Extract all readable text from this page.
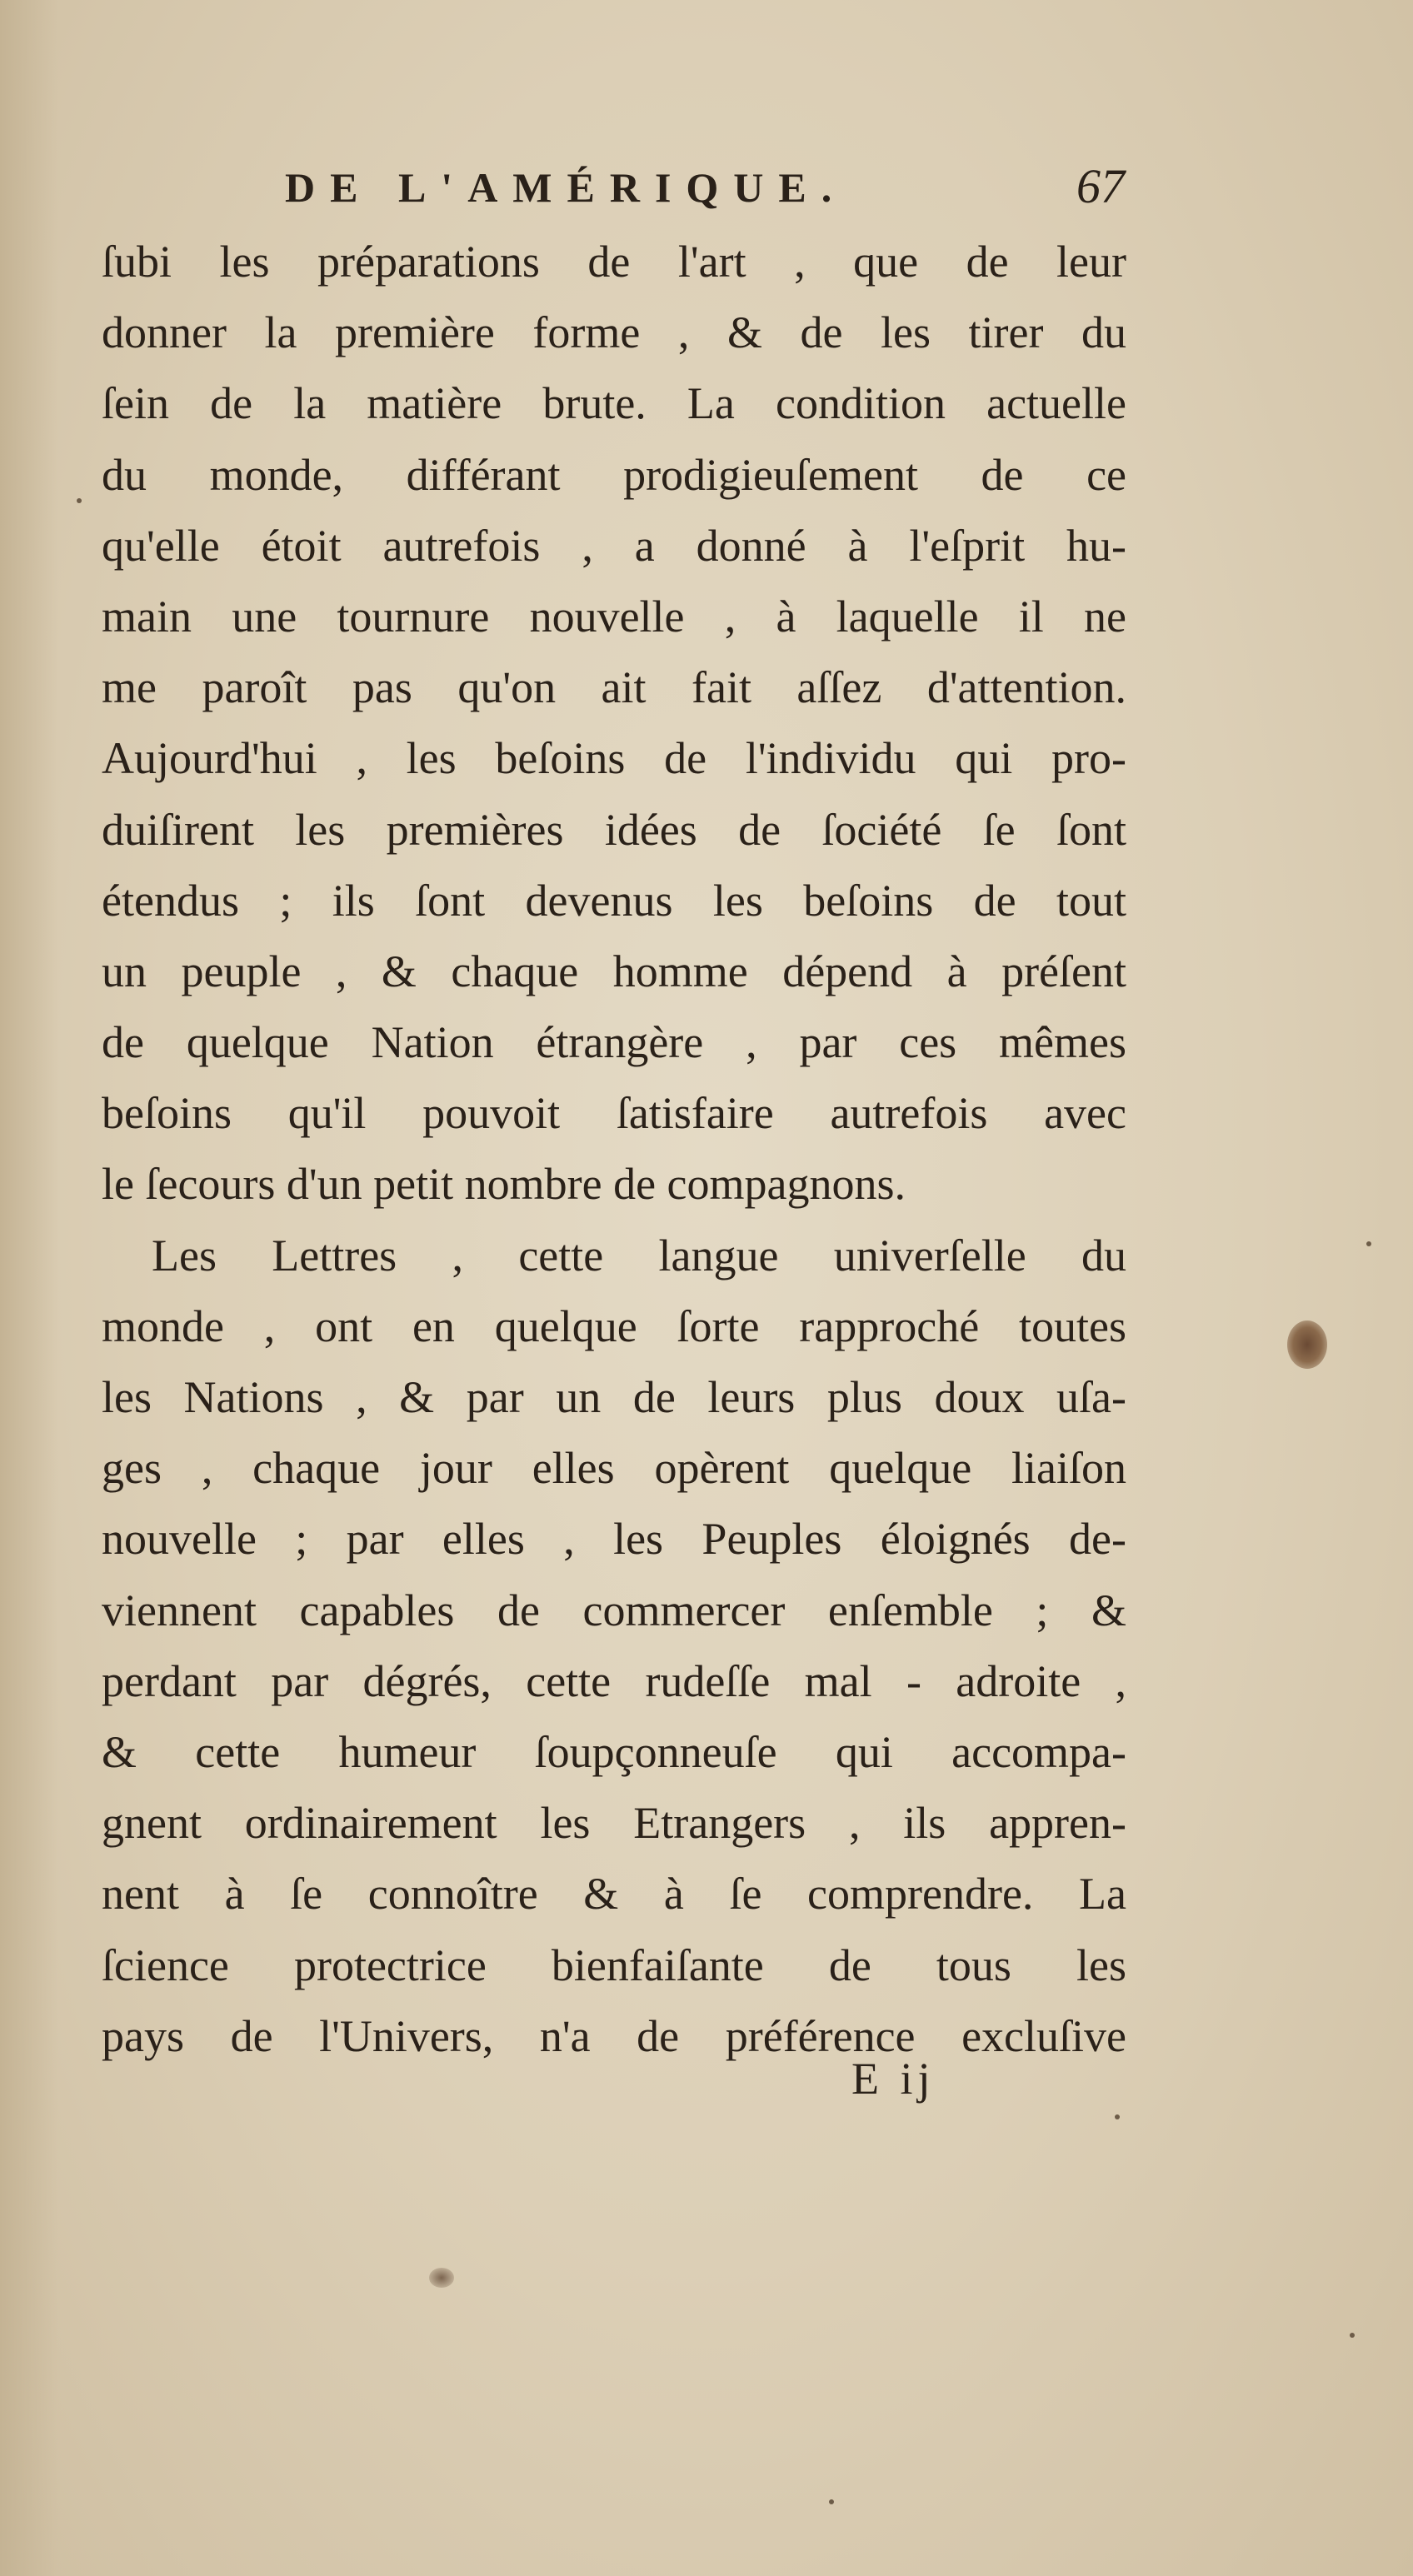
DE L'AMÉRIQUE.	67
ſubi les préparations de l'art , que de leur
donner la première forme , & de les tirer du
ſein de la matière brute. La condition actuelle
du monde, différant prodigieuſement de ce
qu'elle étoit autrefois , a donné à l'eſprit hu-
main une tournure nouvelle , à laquelle il ne
me paroît pas qu'on ait fait aſſez d'attention.
Aujourd'hui , les beſoins de l'individu qui pro-
duiſirent les premières idées de ſociété ſe ſont
étendus ; ils ſont devenus les beſoins de tout
un peuple , & chaque homme dépend à préſent
de quelque Nation étrangère , par ces mêmes
beſoins qu'il pouvoit ſatisfaire autrefois avec
le ſecours d'un petit nombre de compagnons.
Les Lettres , cette langue univerſelle du
monde , ont en quelque ſorte rapproché toutes
les Nations , & par un de leurs plus doux uſa-
ges , chaque jour elles opèrent quelque liaiſon
nouvelle ; par elles , les Peuples éloignés de-
viennent capables de commercer enſemble ; &
perdant par dégrés, cette rudeſſe mal - adroite ,
& cette humeur ſoupçonneuſe qui accompa-
gnent ordinairement les Etrangers , ils appren-
nent à ſe connoître & à ſe comprendre. La
ſcience protectrice bienfaiſante de tous les
pays de l'Univers, n'a de préférence excluſive
E ij
